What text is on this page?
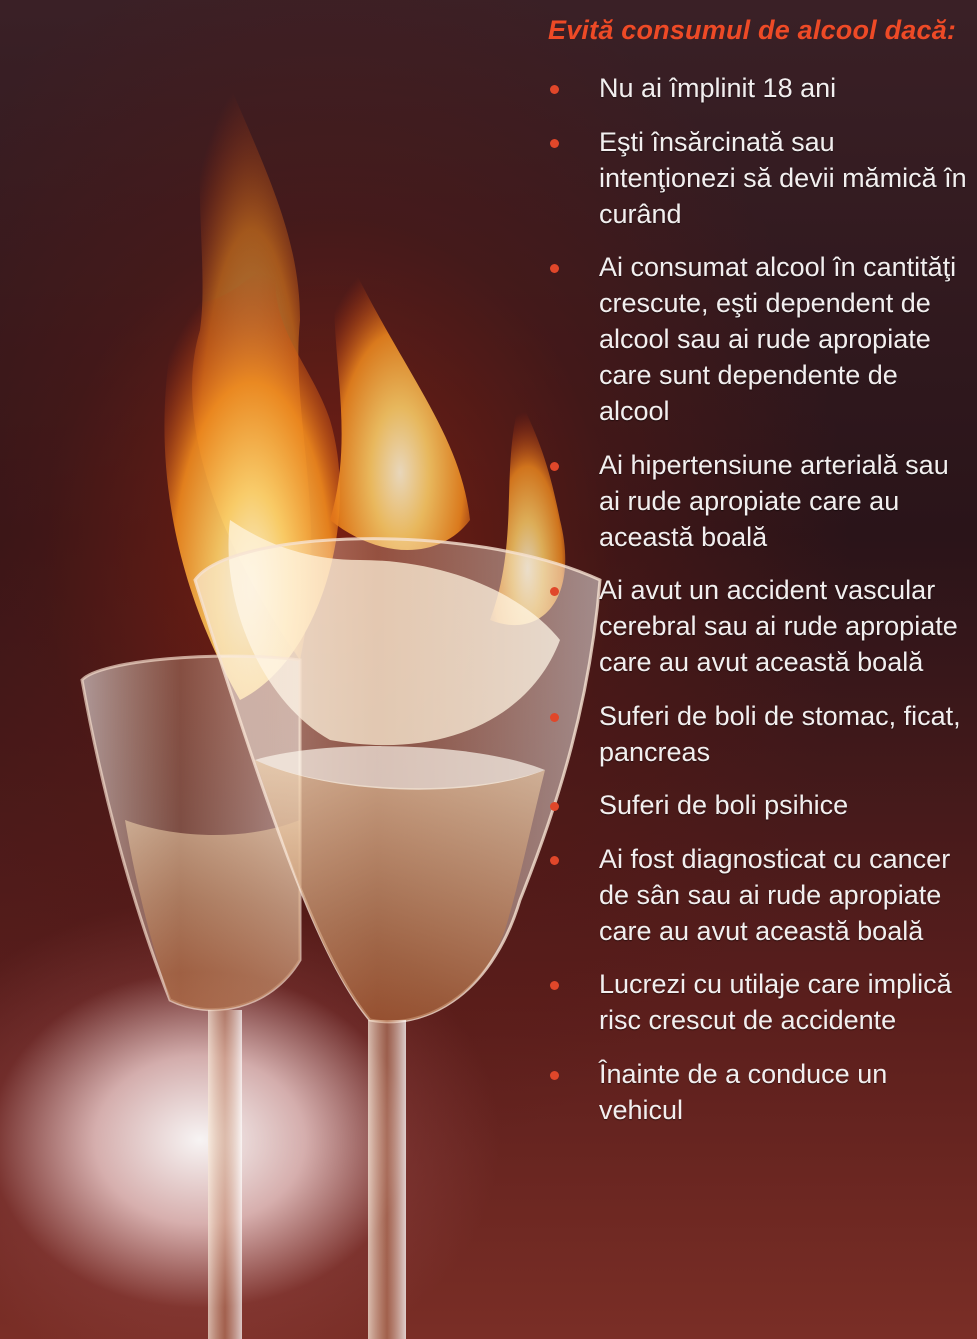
Evită consumul de alcool dacă:
Nu ai împlinit 18 ani
Eşti însărcinată sau intenţionezi să devii mămică în curând
Ai consumat alcool în cantităţi crescute, eşti dependent de alcool sau ai rude apropiate care sunt dependente de alcool
Ai hipertensiune arterială sau ai rude apropiate care au această boală
Ai avut un accident vascular cerebral sau ai rude apropiate care au avut această boală
Suferi de boli de stomac, ficat, pancreas
Suferi de boli psihice
Ai fost diagnosticat cu cancer de sân sau ai rude apropiate care au avut această boală
Lucrezi cu utilaje care implică risc crescut de accidente
Înainte de a conduce un vehicul
